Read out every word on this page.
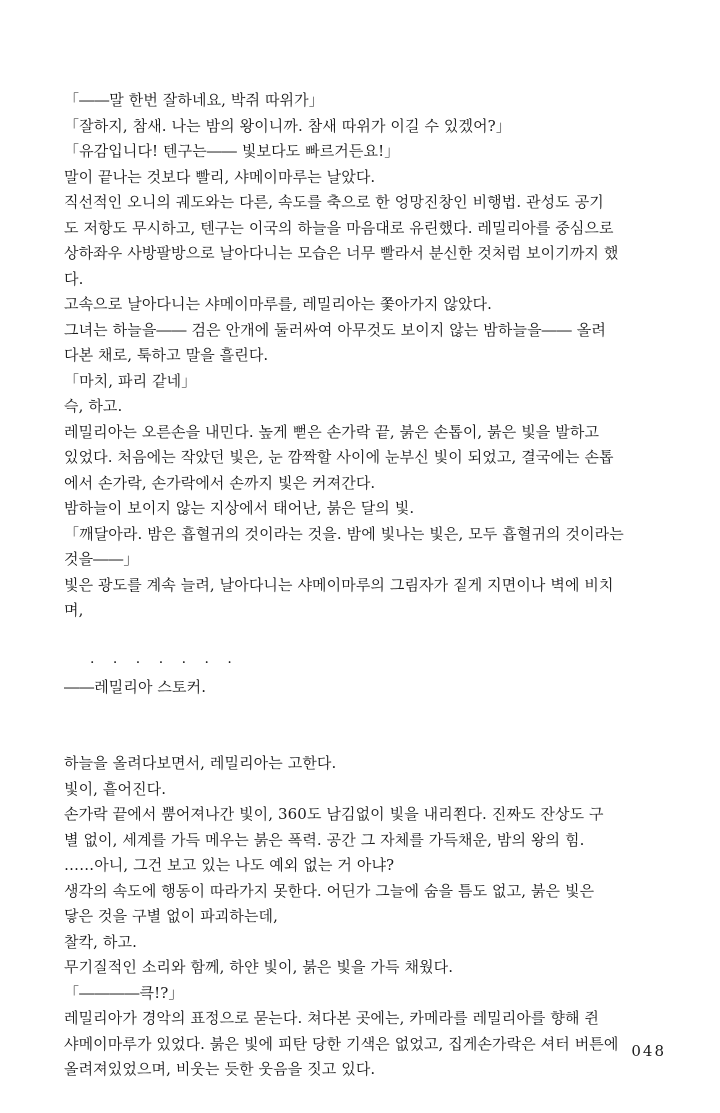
「――말 한번 잘하네요, 박쥐 따위가」
「잘하지, 참새. 나는 밤의 왕이니까. 참새 따위가 이길 수 있겠어?」
「유감입니다! 텐구는―― 빛보다도 빠르거든요!」
말이 끝나는 것보다 빨리, 샤메이마루는 날았다.
직선적인 오니의 궤도와는 다른, 속도를 축으로 한 엉망진창인 비행법. 관성도 공기
도 저항도 무시하고, 텐구는 이국의 하늘을 마음대로 유린했다. 레밀리아를 중심으로
상하좌우 사방팔방으로 날아다니는 모습은 너무 빨라서 분신한 것처럼 보이기까지 했
다.
고속으로 날아다니는 샤메이마루를, 레밀리아는 쫓아가지 않았다.
그녀는 하늘을―― 검은 안개에 둘러싸여 아무것도 보이지 않는 밤하늘을―― 올려
다본 채로, 툭하고 말을 흘린다.
「마치, 파리 같네」
슥, 하고.
레밀리아는 오른손을 내민다. 높게 뻗은 손가락 끝, 붉은 손톱이, 붉은 빛을 발하고
있었다. 처음에는 작았던 빛은, 눈 깜짝할 사이에 눈부신 빛이 되었고, 결국에는 손톱
에서 손가락, 손가락에서 손까지 빛은 커져간다.
밤하늘이 보이지 않는 지상에서 태어난, 붉은 달의 빛.
「깨달아라. 밤은 흡혈귀의 것이라는 것을. 밤에 빛나는 빛은, 모두 흡혈귀의 것이라는
것을――」
빛은 광도를 계속 늘려, 날아다니는 샤메이마루의 그림자가 짙게 지면이나 벽에 비치
며,
· · · · · · ·
――레밀리아 스토커.
하늘을 올려다보면서, 레밀리아는 고한다.
빛이, 흩어진다.
손가락 끝에서 뿜어져나간 빛이, 360도 남김없이 빛을 내리쬔다. 진짜도 잔상도 구
별 없이, 세계를 가득 메우는 붉은 폭력. 공간 그 자체를 가득채운, 밤의 왕의 힘.
……아니, 그건 보고 있는 나도 예외 없는 거 아냐?
생각의 속도에 행동이 따라가지 못한다. 어딘가 그늘에 숨을 틈도 없고, 붉은 빛은
닿은 것을 구별 없이 파괴하는데,
찰칵, 하고.
무기질적인 소리와 함께, 하얀 빛이, 붉은 빛을 가득 채웠다.
「――――큭!?」
레밀리아가 경악의 표정으로 묻는다. 쳐다본 곳에는, 카메라를 레밀리아를 향해 쥔
샤메이마루가 있었다. 붉은 빛에 피탄 당한 기색은 없었고, 집게손가락은 셔터 버튼에
올려져있었으며, 비웃는 듯한 웃음을 짓고 있다.
048
